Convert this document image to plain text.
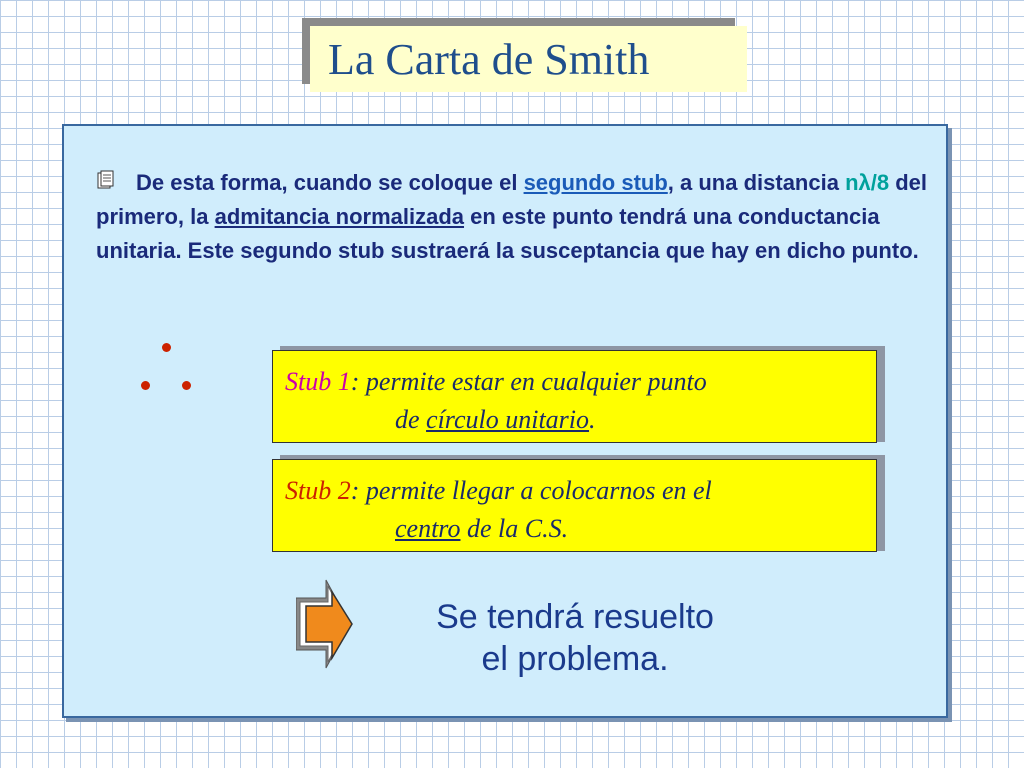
La Carta de Smith
De esta forma, cuando se coloque el segundo stub, a una distancia nλ/8 del primero, la admitancia normalizada en este punto tendrá una conductancia unitaria. Este segundo stub sustraerá la susceptancia que hay en dicho punto.
Stub 1: permite estar en cualquier punto
de círculo unitario.
Stub 2: permite llegar a colocarnos en el
centro de la C.S.
Se tendrá resuelto
el problema.
